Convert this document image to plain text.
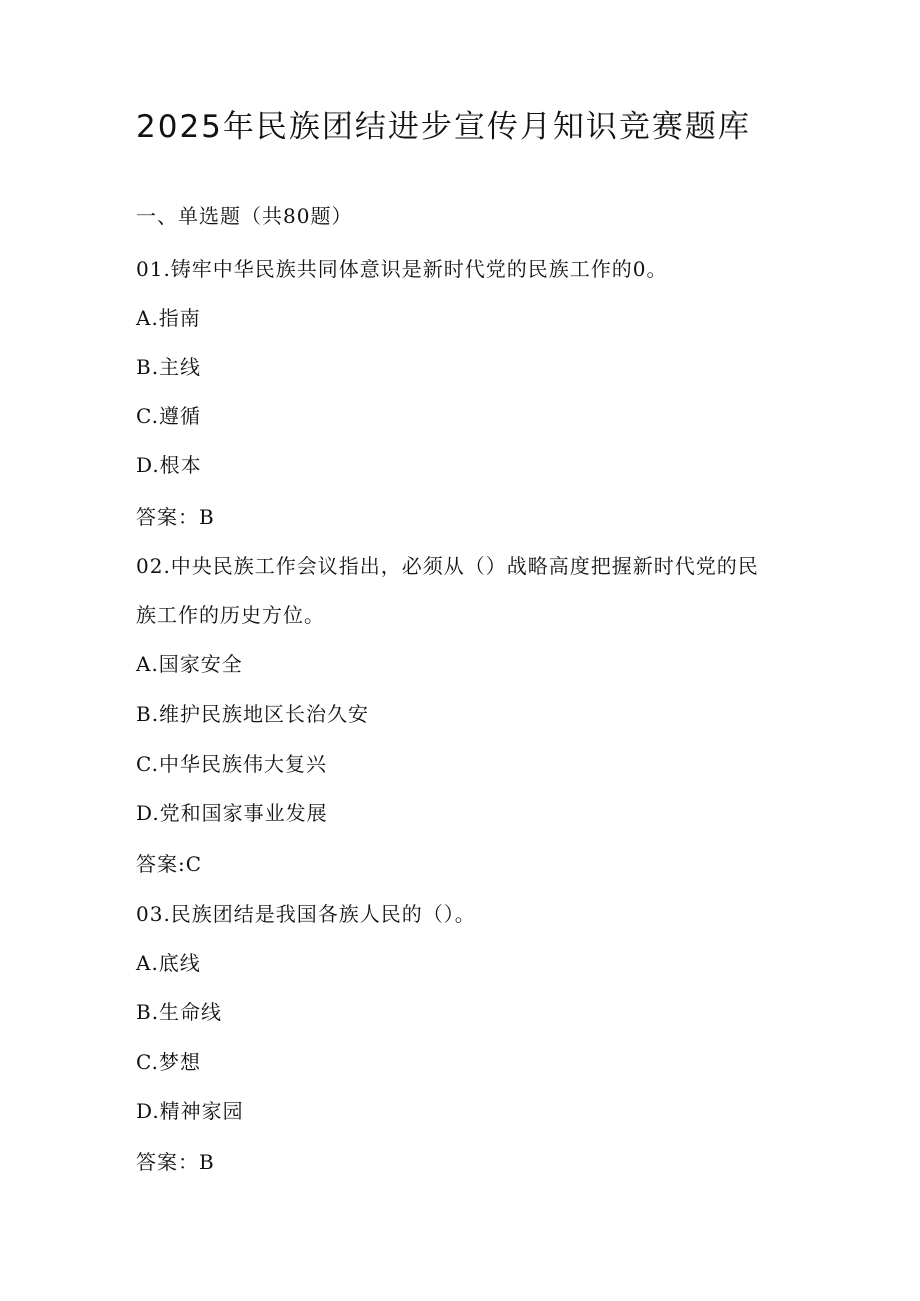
2025年民族团结进步宣传月知识竞赛题库
一、单选题（共80题）
01.铸牢中华民族共同体意识是新时代党的民族工作的0。
A.指南
B.主线
C.遵循
D.根本
答案：B
02.中央民族工作会议指出，必须从（）战略高度把握新时代党的民
族工作的历史方位。
A.国家安全
B.维护民族地区长治久安
C.中华民族伟大复兴
D.党和国家事业发展
答案:C
03.民族团结是我国各族人民的（）。
A.底线
B.生命线
C.梦想
D.精神家园
答案：B
